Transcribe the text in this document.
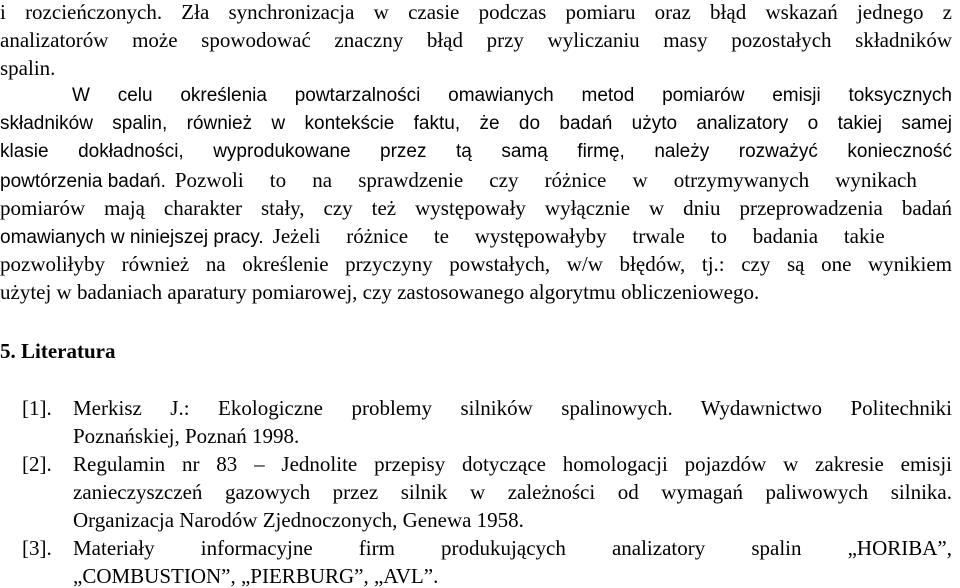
i rozcieńczonych. Zła synchronizacja w czasie podczas pomiaru oraz błąd wskazań jednego z

analizatorów może spowodować znaczny błąd przy wyliczaniu masy pozostałych składników

spalin.

W celu określenia powtarzalności omawianych metod pomiarów emisji toksycznych

składników spalin, również w kontekście faktu, że do badań użyto analizatory o takiej samej

klasie dokładności, wyprodukowane przez tą samą firmę, należy rozważyć konieczność

powtórzenia badań. Pozwoli to na sprawdzenie czy różnice w otrzymywanych wynikach

pomiarów mają charakter stały, czy też występowały wyłącznie w dniu przeprowadzenia badań

omawianych w niniejszej pracy. Jeżeli różnice te występowałyby trwale to badania takie

pozwoliłyby również na określenie przyczyny powstałych, w/w błędów, tj.: czy są one wynikiem

użytej w badaniach aparatury pomiarowej, czy zastosowanego algorytmu obliczeniowego.

5. Literatura
[1]. Merkisz J.: Ekologiczne problemy silników spalinowych. Wydawnictwo Politechniki

Poznańskiej, Poznań 1998.

[2]. Regulamin nr 83 – Jednolite przepisy dotyczące homologacji pojazdów w zakresie emisji

zanieczyszczeń gazowych przez silnik w zależności od wymagań paliwowych silnika.

Organizacja Narodów Zjednoczonych, Genewa 1958.

[3]. Materiały informacyjne firm produkujących analizatory spalin „HORIBA”,

„COMBUSTION”, „PIERBURG”, „AVL”.
